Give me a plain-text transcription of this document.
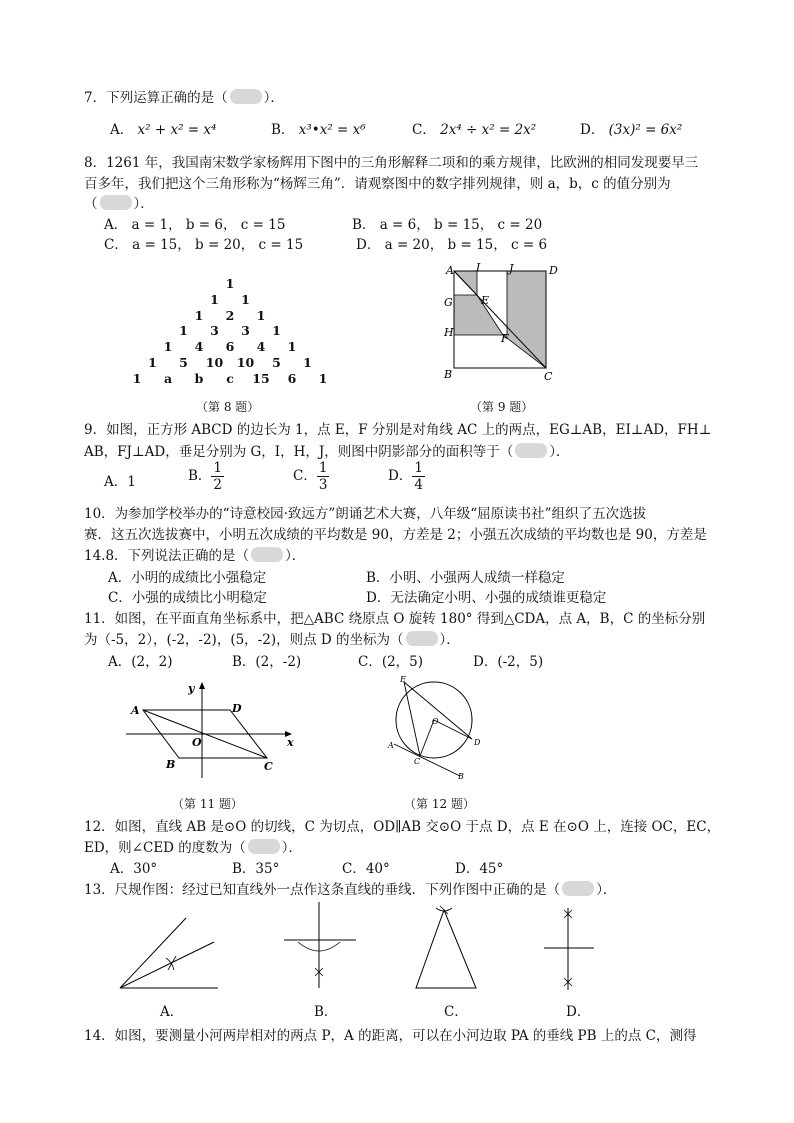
7．下列运算正确的是（	）．
A． x² + x² = x⁴	B． x³•x² = x⁶	C． 2x⁴ ÷ x² = 2x²	D． (3x)² = 6x²
8．1261 年，我国南宋数学家杨辉用下图中的三角形解释二项和的乘方规律，比欧洲的相同发现要早三
百多年，我们把这个三角形称为“杨辉三角”．请观察图中的数字排列规律，则 a，b，c 的值分别为
（	）．
A． a = 1， b = 6， c = 15	B． a = 6， b = 15， c = 20
C． a = 15， b = 20， c = 15	D． a = 20， b = 15， c = 6
1
1	1
1	2	1
1	3	3	1
1	4	6	4	1
1	5	10 10	5	1
1	a	b	c	15	6	1
（第 8 题）
A I	J	D
G	E
H	F
B	C
（第 9 题）
9．如图，正方形 ABCD 的边长为 1，点 E，F 分别是对角线 AC 上的两点，EG⊥AB，EI⊥AD，FH⊥
AB，FJ⊥AD，垂足分别为 G，I，H，J，则图中阴影部分的面积等于（	）．
A．1	B． $\frac{1}{2}$	C． $\frac{1}{3}$	D． $\frac{1}{4}$
10．为参加学校举办的“诗意校园·致远方”朗诵艺术大赛，八年级“屈原读书社”组织了五次选拔
赛．这五次选拔赛中，小明五次成绩的平均数是 90，方差是 2；小强五次成绩的平均数也是 90，方差是
14.8．下列说法正确的是（	）．
A．小明的成绩比小强稳定	B．小明、小强两人成绩一样稳定
C．小强的成绩比小明稳定	D．无法确定小明、小强的成绩谁更稳定
11．如图，在平面直角坐标系中，把△ABC 绕原点 O 旋转 180° 得到△CDA，点 A，B，C 的坐标分别
为（-5，2），(-2，-2)，(5，-2)，则点 D 的坐标为（	）．
A．(2，2)	B．(2，-2)	C．(2，5)	D．(-2，5)
y
A	D
O	x
B	C
（第 11 题）
E
O
A
C
D
B
（第 12 题）
12．如图，直线 AB 是⊙O 的切线，C 为切点，OD∥AB 交⊙O 于点 D，点 E 在⊙O 上，连接 OC，EC，
ED，则∠CED 的度数为（	）．
A．30°	B．35°	C．40°	D．45°
13．尺规作图：经过已知直线外一点作这条直线的垂线．下列作图中正确的是（	）．
A．	B．	C．	D．
14．如图，要测量小河两岸相对的两点 P，A 的距离，可以在小河边取 PA 的垂线 PB 上的点 C，测得
